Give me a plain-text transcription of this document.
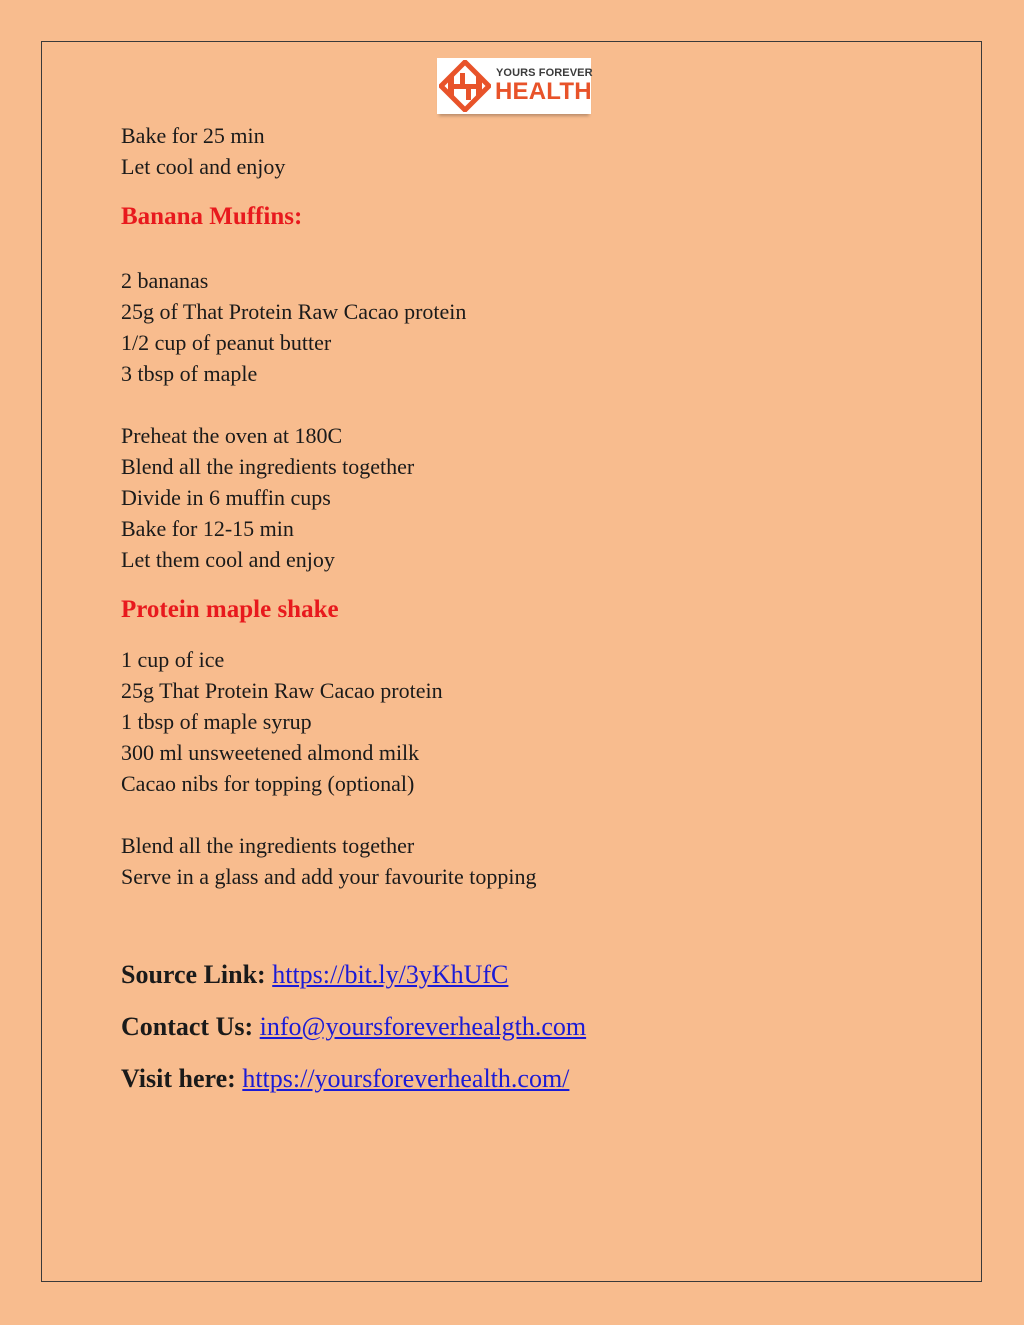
YOURS FOREVER
HEALTH
Bake for 25 min
Let cool and enjoy
Banana Muffins:
2 bananas
25g of That Protein Raw Cacao protein
1/2 cup of peanut butter
3 tbsp of maple
Preheat the oven at 180C
Blend all the ingredients together
Divide in 6 muffin cups
Bake for 12-15 min
Let them cool and enjoy
Protein maple shake
1 cup of ice
25g That Protein Raw Cacao protein
1 tbsp of maple syrup
300 ml unsweetened almond milk
Cacao nibs for topping (optional)
Blend all the ingredients together
Serve in a glass and add your favourite topping
Source Link: https://bit.ly/3yKhUfC
Contact Us: info@yoursforeverhealgth.com
Visit here: https://yoursforeverhealth.com/
